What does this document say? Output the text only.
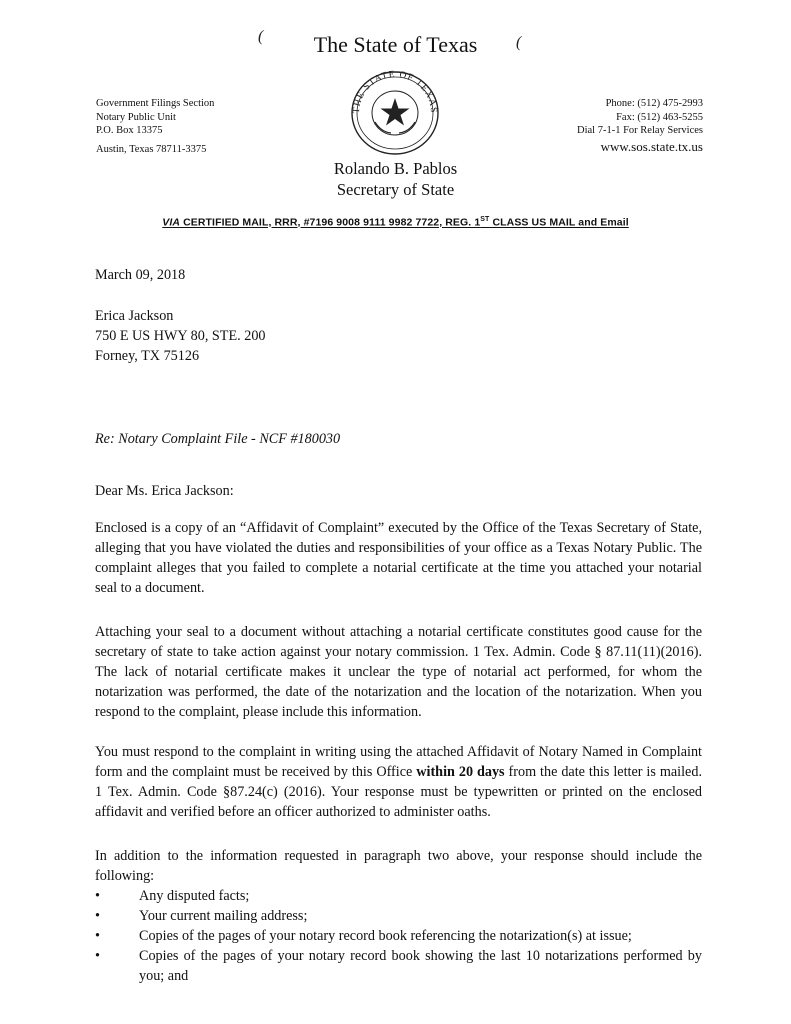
(	(
The State of Texas
Government Filings Section
Notary Public Unit
P.O. Box 13375
Austin, Texas 78711-3375
THE STATE OF TEXAS
Phone: (512) 475-2993
Fax: (512) 463-5255
Dial 7-1-1 For Relay Services
www.sos.state.tx.us
Rolando B. Pablos
Secretary of State
VIA CERTIFIED MAIL, RRR, #7196 9008 9111 9982 7722, REG. 1ST CLASS US MAIL and Email
March 09, 2018
Erica Jackson
750 E US HWY 80, STE. 200
Forney, TX 75126
Re: Notary Complaint File - NCF #180030
Dear Ms. Erica Jackson:
Enclosed is a copy of an “Affidavit of Complaint” executed by the Office of the Texas Secretary of State, alleging that you have violated the duties and responsibilities of your office as a Texas Notary Public. The complaint alleges that you failed to complete a notarial certificate at the time you attached your notarial seal to a document.
Attaching your seal to a document without attaching a notarial certificate constitutes good cause for the secretary of state to take action against your notary commission. 1 Tex. Admin. Code § 87.11(11)(2016). The lack of notarial certificate makes it unclear the type of notarial act performed, for whom the notarization was performed, the date of the notarization and the location of the notarization. When you respond to the complaint, please include this information.
You must respond to the complaint in writing using the attached Affidavit of Notary Named in Complaint form and the complaint must be received by this Office within 20 days from the date this letter is mailed. 1 Tex. Admin. Code §87.24(c) (2016). Your response must be typewritten or printed on the enclosed affidavit and verified before an officer authorized to administer oaths.
In addition to the information requested in paragraph two above, your response should include the following:
•	Any disputed facts;
•	Your current mailing address;
•	Copies of the pages of your notary record book referencing the notarization(s) at issue;
•	Copies of the pages of your notary record book showing the last 10 notarizations performed by you; and
